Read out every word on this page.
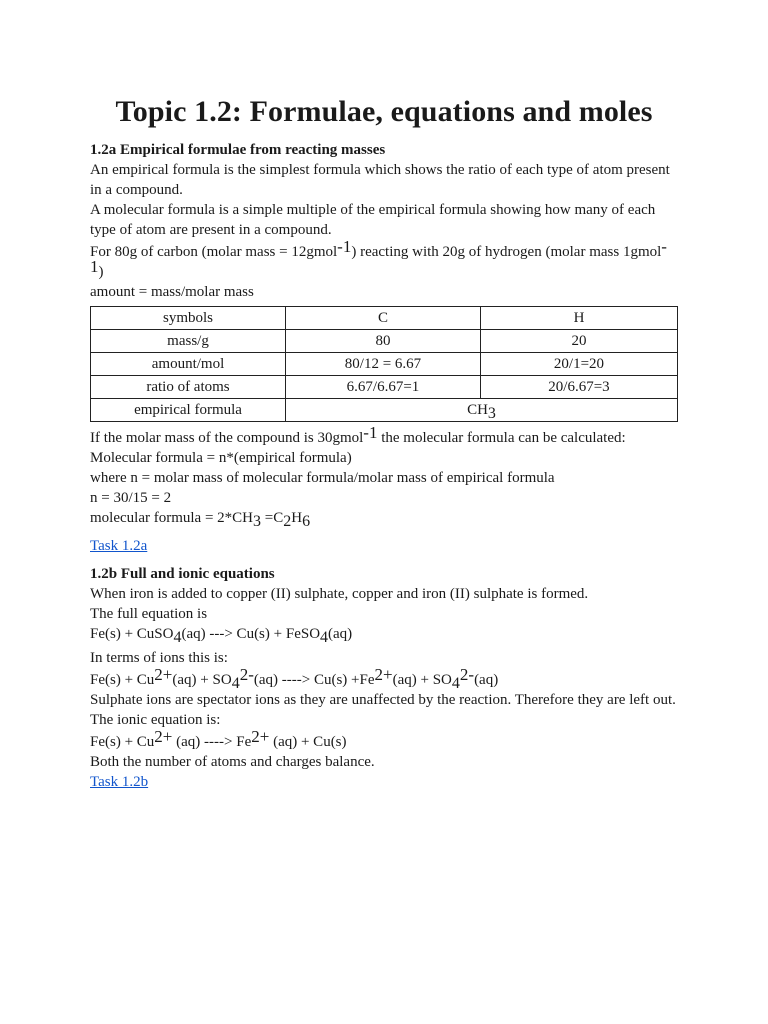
Topic 1.2: Formulae, equations and moles
1.2a Empirical formulae from reacting masses

An empirical formula is the simplest formula which shows the ratio of each type of atom present in a compound.

A molecular formula is a simple multiple of the empirical formula showing how many of each type of atom are present in a compound.

For 80g of carbon (molar mass = 12gmol$^{-1}$) reacting with 20g of hydrogen (molar mass 1gmol$^{-1}$)

amount = mass/molar mass

symbols	C	H
mass/g	80	20
amount/mol	80/12 = 6.67	20/1=20
ratio of atoms	6.67/6.67=1	20/6.67=3
empirical formula	$CH_3$

If the molar mass of the compound is 30gmol$^{-1}$ the molecular formula can be calculated:

Molecular formula = n*(empirical formula)

where n = molar mass of molecular formula/molar mass of empirical formula

n = 30/15 = 2

molecular formula = $2*CH_3 =C_2H_6$

Task 1.2a

1.2b Full and ionic equations

When iron is added to copper (II) sulphate, copper and iron (II) sulphate is formed.

The full equation is

Fe(s) + CuSO$_4$(aq) ---> Cu(s) + FeSO$_4$(aq)

In terms of ions this is:

$Fe(s) + Cu^{2+}(aq) + SO_4^{2-}(aq)$ ----> $Cu(s) +Fe^{2+}(aq) + SO_4^{2-}(aq)$

Sulphate ions are spectator ions as they are unaffected by the reaction. Therefore they are left out. The ionic equation is:

$Fe(s) + Cu^{2+}$ (aq) ----> $Fe^{2+}$ (aq) + Cu(s)

Both the number of atoms and charges balance.

Task 1.2b
